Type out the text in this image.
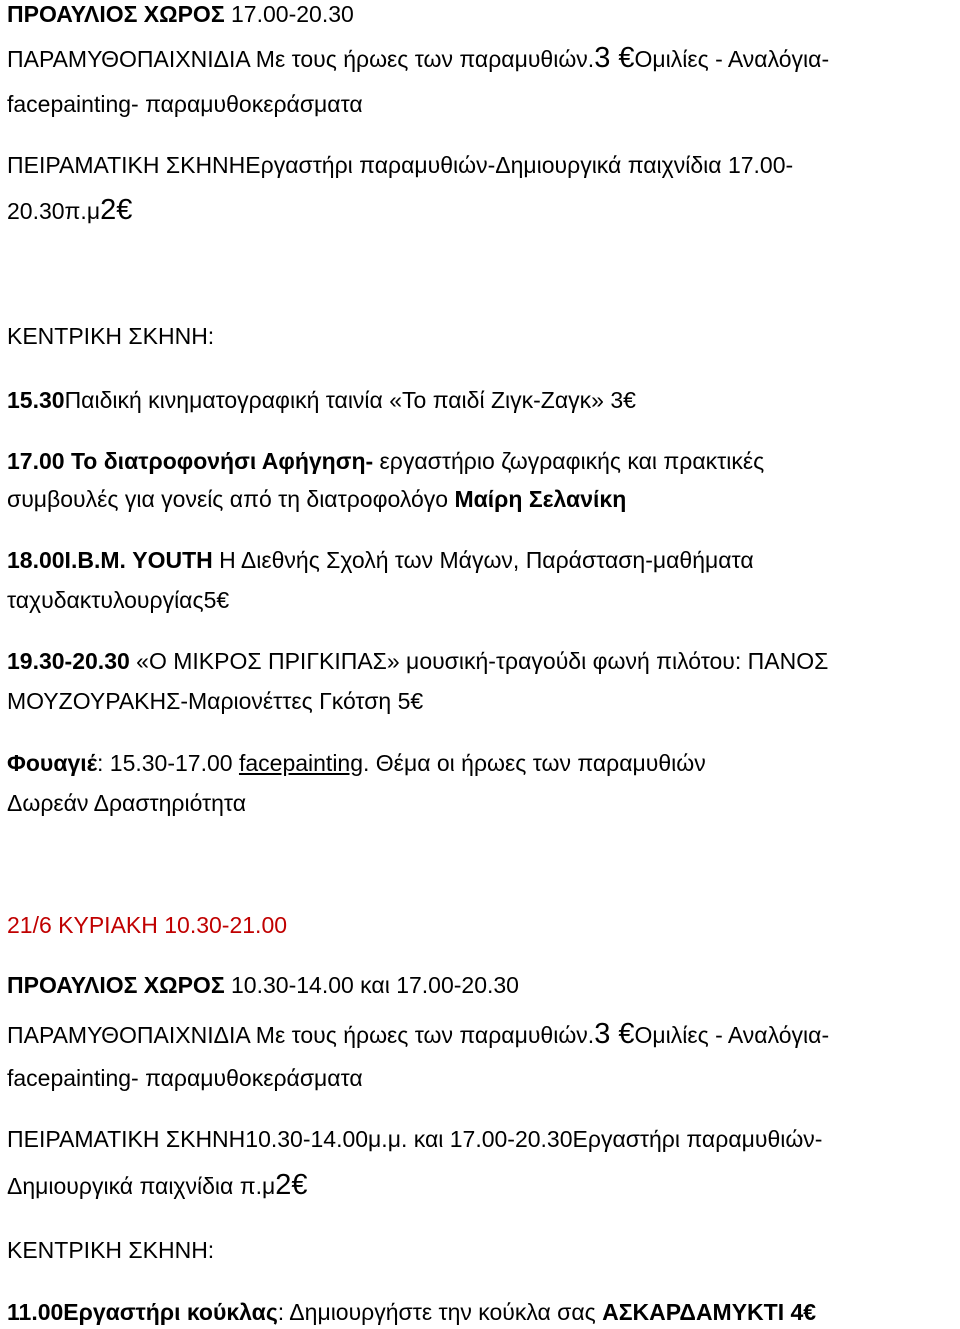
ΠΡΟΑΥΛΙΟΣ ΧΩΡΟΣ 17.00-20.30
ΠΑΡΑΜΥΘΟΠΑΙΧΝΙΔΙΑ Με τους ήρωες των παραμυθιών.3 €Ομιλίες - Αναλόγια-
facepainting- παραμυθοκεράσματα
ΠΕΙΡΑΜΑΤΙΚΗ ΣΚΗΝΗΕργαστήρι παραμυθιών-Δημιουργικά παιχνίδια 17.00-
20.30π.μ2€
ΚΕΝΤΡΙΚΗ ΣΚΗΝΗ:
15.30Παιδική κινηματογραφική ταινία «Το παιδί Ζιγκ-Ζαγκ» 3€
17.00 Το διατροφονήσι Αφήγηση- εργαστήριο ζωγραφικής και πρακτικές
συμβουλές για γονείς από τη διατροφολόγο Μαίρη Σελανίκη
18.00Ι.Β.Μ. YOUTH Η Διεθνής Σχολή των Μάγων, Παράσταση-μαθήματα
ταχυδακτυλουργίας5€
19.30-20.30 «Ο ΜΙΚΡΟΣ ΠΡΙΓΚΙΠΑΣ» μουσική-τραγούδι φωνή πιλότου: ΠΑΝΟΣ
ΜΟΥΖΟΥΡΑΚΗΣ-Μαριονέττες Γκότση 5€
Φουαγιέ: 15.30-17.00 facepainting. Θέμα οι ήρωες των παραμυθιών
Δωρεάν Δραστηριότητα
21/6 ΚΥΡΙΑΚΗ 10.30-21.00
ΠΡΟΑΥΛΙΟΣ ΧΩΡΟΣ 10.30-14.00 και 17.00-20.30
ΠΑΡΑΜΥΘΟΠΑΙΧΝΙΔΙΑ Με τους ήρωες των παραμυθιών.3 €Ομιλίες - Αναλόγια-
facepainting- παραμυθοκεράσματα
ΠΕΙΡΑΜΑΤΙΚΗ ΣΚΗΝΗ10.30-14.00μ.μ. και 17.00-20.30Εργαστήρι παραμυθιών-
Δημιουργικά παιχνίδια π.μ2€
ΚΕΝΤΡΙΚΗ ΣΚΗΝΗ:
11.00Εργαστήρι κούκλας: Δημιουργήστε την κούκλα σας ΑΣΚΑΡΔΑΜΥΚΤΙ 4€
